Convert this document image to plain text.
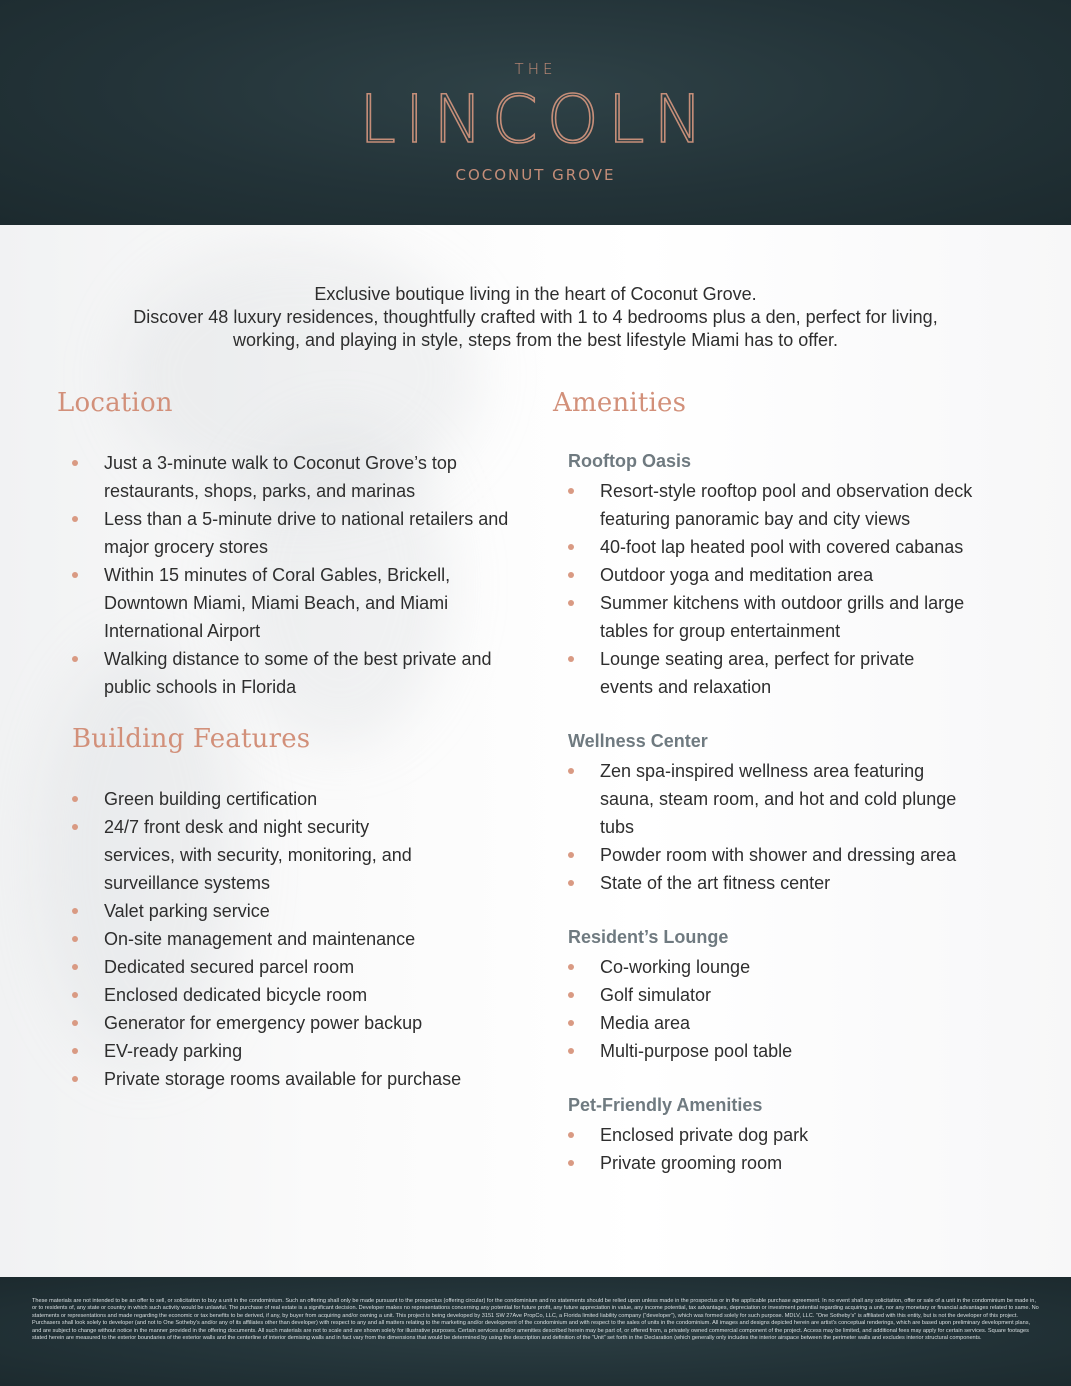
THE
LINCOLN
COCONUT GROVE
Exclusive boutique living in the heart of Coconut Grove.
Discover 48 luxury residences, thoughtfully crafted with 1 to 4 bedrooms plus a den, perfect for living, working, and playing in style, steps from the best lifestyle Miami has to offer.
Location
Just a 3-minute walk to Coconut Grove’s top restaurants, shops, parks, and marinas
Less than a 5-minute drive to national retailers and major grocery stores
Within 15 minutes of Coral Gables, Brickell, Downtown Miami, Miami Beach, and Miami International Airport
Walking distance to some of the best private and public schools in Florida
Building Features
Green building certification
24/7 front desk and night security services, with security, monitoring, and surveillance systems
Valet parking service
On-site management and maintenance
Dedicated secured parcel room
Enclosed dedicated bicycle room
Generator for emergency power backup
EV-ready parking
Private storage rooms available for purchase
Amenities
Rooftop Oasis
Resort-style rooftop pool and observation deck featuring panoramic bay and city views
40-foot lap heated pool with covered cabanas
Outdoor yoga and meditation area
Summer kitchens with outdoor grills and large tables for group entertainment
Lounge seating area, perfect for private events and relaxation
Wellness Center
Zen spa-inspired wellness area featuring sauna, steam room, and hot and cold plunge tubs
Powder room with shower and dressing area
State of the art fitness center
Resident’s Lounge
Co-working lounge
Golf simulator
Media area
Multi-purpose pool table
Pet-Friendly Amenities
Enclosed private dog park
Private grooming room
These materials are not intended to be an offer to sell, or solicitation to buy a unit in the condominium. Such an offering shall only be made pursuant to the prospectus (offering circular) for the condominium and no statements should be relied upon unless made in the prospectus or in the applicable purchase agreement. In no event shall any solicitation, offer or sale of a unit in the condominium be made in, or to residents of, any state or country in which such activity would be unlawful. The purchase of real estate is a significant decision. Developer makes no representations concerning any potential for future profit, any future appreciation in value, any income potential, tax advantages, depreciation or investment potential regarding acquiring a unit, nor any monetary or financial advantages related to same. No statements or representations and made regarding the economic or tax benefits to be derived, if any, by buyer from acquiring and/or owning a unit. This project is being developed by 3151 SW 27Ave PropCo, LLC, a Florida limited liability company (“developer”), which was formed solely for such purpose. MDLV, LLC. “One Sotheby’s” is affiliated with this entity, but is not the developer of this project. Purchasers shall look solely to developer (and not to One Sotheby’s and/or any of its affiliates other than developer) with respect to any and all matters relating to the marketing and/or development of the condominium and with respect to the sales of units in the condominium. All images and designs depicted herein are artist’s conceptual renderings, which are based upon preliminary development plans, and are subject to change without notice in the manner provided in the offering documents. All such materials are not to scale and are shown solely for illustrative purposes. Certain services and/or amenities described herein may be part of, or offered from, a privately owned commercial component of the project. Access may be limited, and additional fees may apply for certain services. Square footages stated herein are measured to the exterior boundaries of the exterior walls and the centerline of interior demising walls and in fact vary from the dimensions that would be determined by using the description and definition of the “Unit” set forth in the Declaration (which generally only includes the interior airspace between the perimeter walls and excludes interior structural components.
